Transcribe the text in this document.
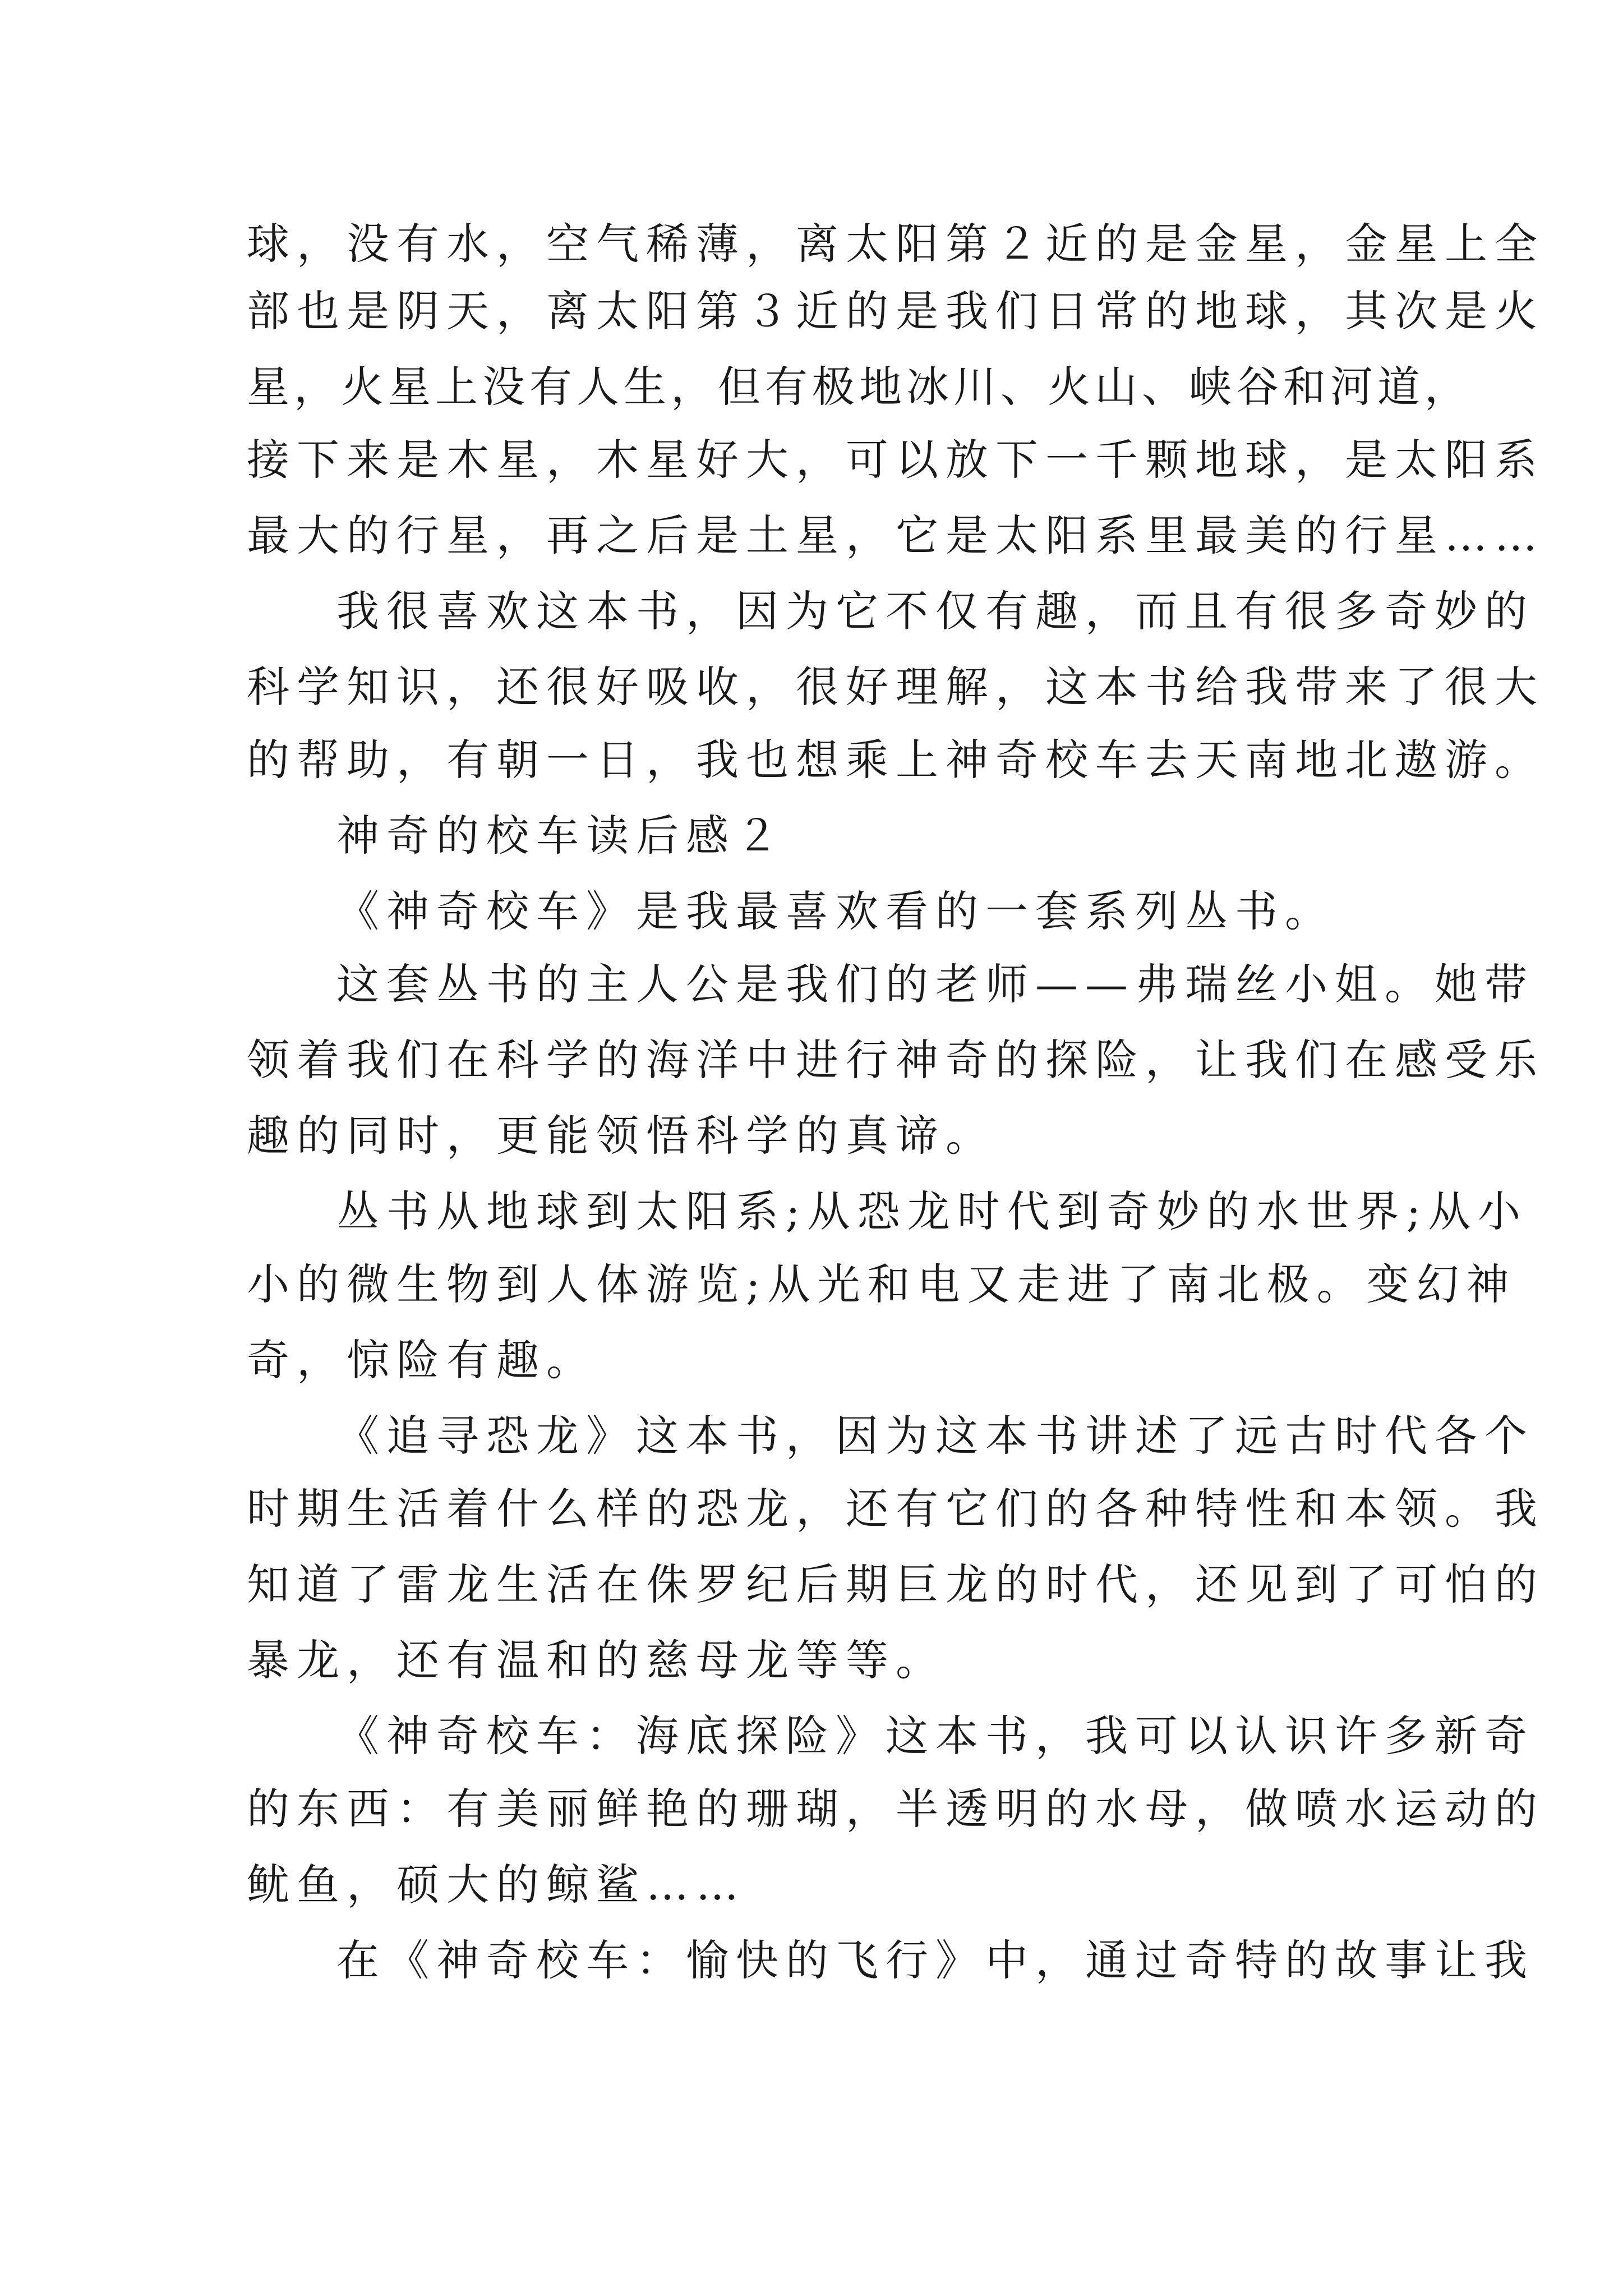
球，没有水，空气稀薄，离太阳第２近的是金星，金星上全

部也是阴天，离太阳第３近的是我们日常的地球，其次是火

星，火星上没有人生，但有极地冰川、火山、峡谷和河道，

接下来是木星，木星好大，可以放下一千颗地球，是太阳系

最大的行星，再之后是土星，它是太阳系里最美的行星……

我很喜欢这本书，因为它不仅有趣，而且有很多奇妙的

科学知识，还很好吸收，很好理解，这本书给我带来了很大

的帮助，有朝一日，我也想乘上神奇校车去天南地北遨游。

神奇的校车读后感２

《神奇校车》是我最喜欢看的一套系列丛书。

这套丛书的主人公是我们的老师——弗瑞丝小姐。她带

领着我们在科学的海洋中进行神奇的探险，让我们在感受乐

趣的同时，更能领悟科学的真谛。

丛书从地球到太阳系;从恐龙时代到奇妙的水世界;从小

小的微生物到人体游览;从光和电又走进了南北极。变幻神

奇，惊险有趣。

《追寻恐龙》这本书，因为这本书讲述了远古时代各个

时期生活着什么样的恐龙，还有它们的各种特性和本领。我

知道了雷龙生活在侏罗纪后期巨龙的时代，还见到了可怕的

暴龙，还有温和的慈母龙等等。

《神奇校车：海底探险》这本书，我可以认识许多新奇

的东西：有美丽鲜艳的珊瑚，半透明的水母，做喷水运动的

鱿鱼，硕大的鲸鲨……

在《神奇校车：愉快的飞行》中，通过奇特的故事让我
